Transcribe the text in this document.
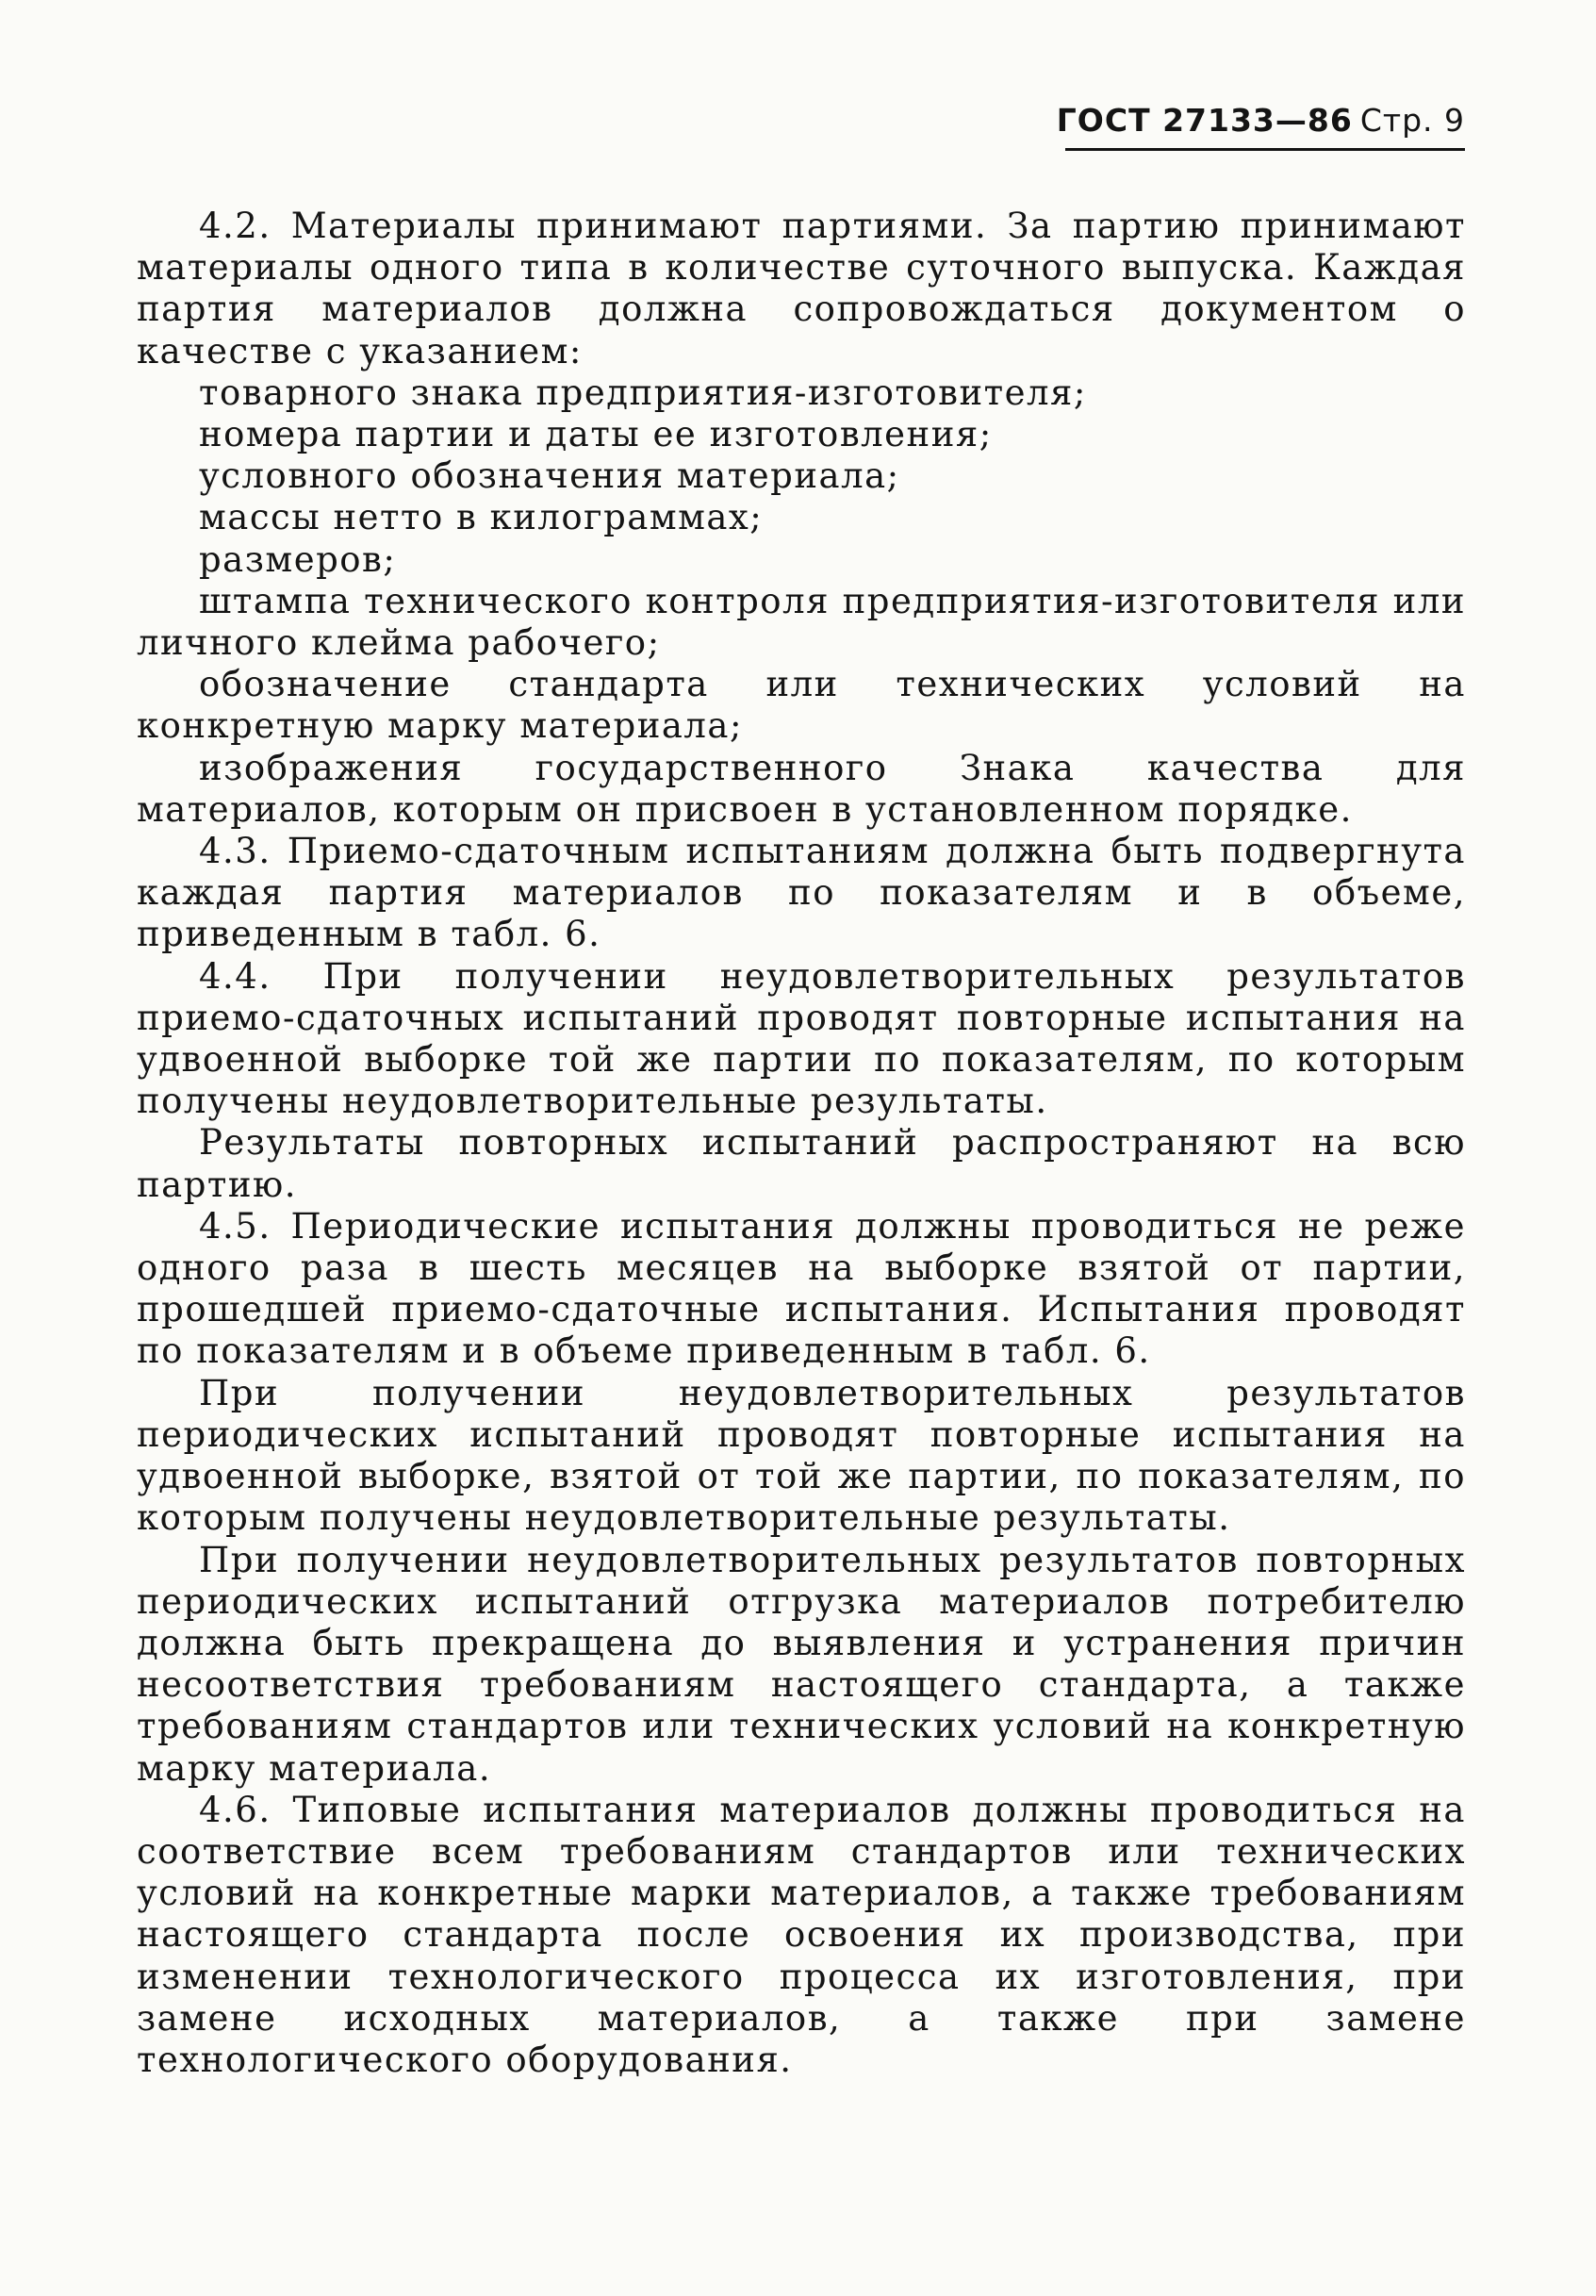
ГОСТ 27133—86 Стр. 9

4.2. Материалы принимают партиями. За партию принимают материалы одного типа в количестве суточного выпуска. Каждая партия материалов должна сопровождаться документом о качестве с указанием:

товарного знака предприятия-изготовителя;

номера партии и даты ее изготовления;

условного обозначения материала;

массы нетто в килограммах;

размеров;

штампа технического контроля предприятия-изготовителя или личного клейма рабочего;

обозначение стандарта или технических условий на конкретную марку материала;

изображения государственного Знака качества для материалов, которым он присвоен в установленном порядке.

4.3. Приемо-сдаточным испытаниям должна быть подвергнута каждая партия материалов по показателям и в объеме, приведенным в табл. 6.

4.4. При получении неудовлетворительных результатов приемо-сдаточных испытаний проводят повторные испытания на удвоенной выборке той же партии по показателям, по которым получены неудовлетворительные результаты.

Результаты повторных испытаний распространяют на всю партию.

4.5. Периодические испытания должны проводиться не реже одного раза в шесть месяцев на выборке взятой от партии, прошедшей приемо-сдаточные испытания. Испытания проводят по показателям и в объеме приведенным в табл. 6.

При получении неудовлетворительных результатов периодических испытаний проводят повторные испытания на удвоенной выборке, взятой от той же партии, по показателям, по которым получены неудовлетворительные результаты.

При получении неудовлетворительных результатов повторных периодических испытаний отгрузка материалов потребителю должна быть прекращена до выявления и устранения причин несоответствия требованиям настоящего стандарта, а также требованиям стандартов или технических условий на конкретную марку материала.

4.6. Типовые испытания материалов должны проводиться на соответствие всем требованиям стандартов или технических условий на конкретные марки материалов, а также требованиям настоящего стандарта после освоения их производства, при изменении технологического процесса их изготовления, при замене исходных материалов, а также при замене технологического оборудования.
